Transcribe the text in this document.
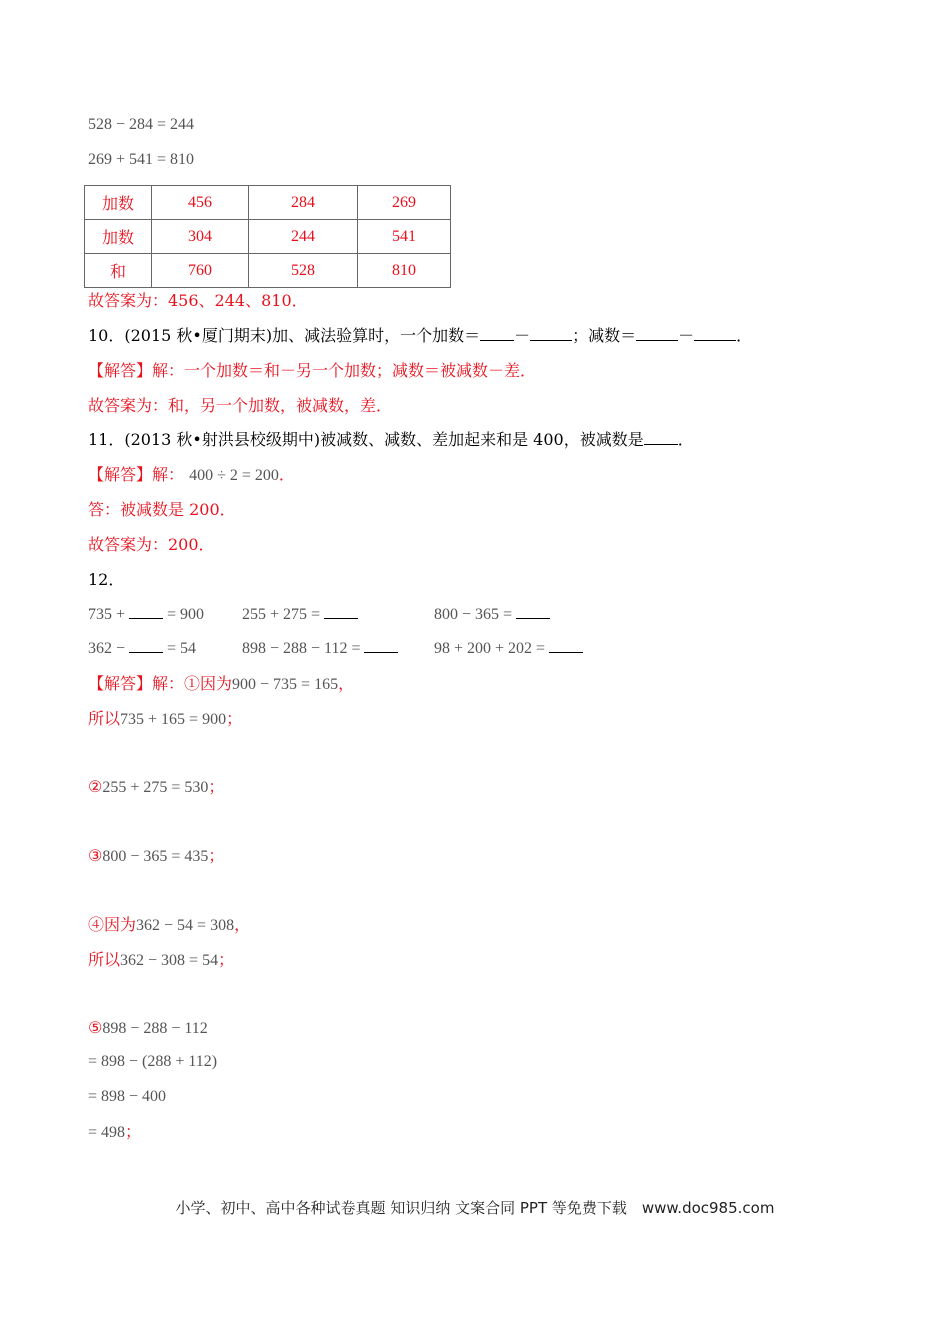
528 − 284 = 244
269 + 541 = 810
加数	456	284	269
加数	304	244	541
和	760	528	810
故答案为：456、244、810．
10．(2015 秋•厦门期末)加、减法验算时，一个加数＝ －	；减数＝	－	．
【解答】解：一个加数＝和－另一个加数；减数＝被减数－差．
故答案为：和，另一个加数，被减数，差．
11．(2013 秋•射洪县校级期中)被减数、减数、差加起来和是 400，被减数是 ．
【解答】解： 400 ÷ 2 = 200．
答：被减数是 200．
故答案为：200．
12．
735 +	= 900 255 + 275 =	800 − 365 =
362 −	= 54	898 − 288 − 112 =	98 + 200 + 202 =
【解答】解：①因为900 − 735 = 165，
所以735 + 165 = 900；
②255 + 275 = 530；
③800 − 365 = 435；
④因为362 − 54 = 308，
所以362 − 308 = 54；
⑤898 − 288 − 112
= 898 − (288 + 112)
= 898 − 400
= 498；
小学、初中、高中各种试卷真题 知识归纳 文案合同 PPT 等免费下载　www.doc985.com
